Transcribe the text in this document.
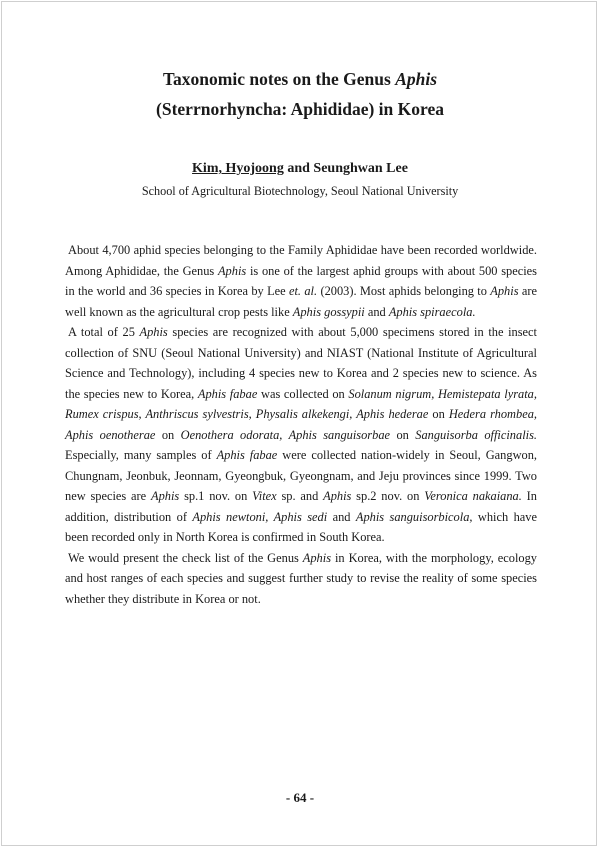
Taxonomic notes on the Genus Aphis
(Sterrnorhyncha: Aphididae) in Korea
Kim, Hyojoong and Seunghwan Lee
School of Agricultural Biotechnology, Seoul National University

About 4,700 aphid species belonging to the Family Aphididae have been recorded worldwide. Among Aphididae, the Genus Aphis is one of the largest aphid groups with about 500 species in the world and 36 species in Korea by Lee et. al. (2003). Most aphids belonging to Aphis are well known as the agricultural crop pests like Aphis gossypii and Aphis spiraecola.

A total of 25 Aphis species are recognized with about 5,000 specimens stored in the insect collection of SNU (Seoul National University) and NIAST (National Institute of Agricultural Science and Technology), including 4 species new to Korea and 2 species new to science. As the species new to Korea, Aphis fabae was collected on Solanum nigrum, Hemistepata lyrata, Rumex crispus, Anthriscus sylvestris, Physalis alkekengi, Aphis hederae on Hedera rhombea, Aphis oenotherae on Oenothera odorata, Aphis sanguisorbae on Sanguisorba officinalis. Especially, many samples of Aphis fabae were collected nation-widely in Seoul, Gangwon, Chungnam, Jeonbuk, Jeonnam, Gyeongbuk, Gyeongnam, and Jeju provinces since 1999. Two new species are Aphis sp.1 nov. on Vitex sp. and Aphis sp.2 nov. on Veronica nakaiana. In addition, distribution of Aphis newtoni, Aphis sedi and Aphis sanguisorbicola, which have been recorded only in North Korea is confirmed in South Korea.

We would present the check list of the Genus Aphis in Korea, with the morphology, ecology and host ranges of each species and suggest further study to revise the reality of some species whether they distribute in Korea or not.

- 64 -
